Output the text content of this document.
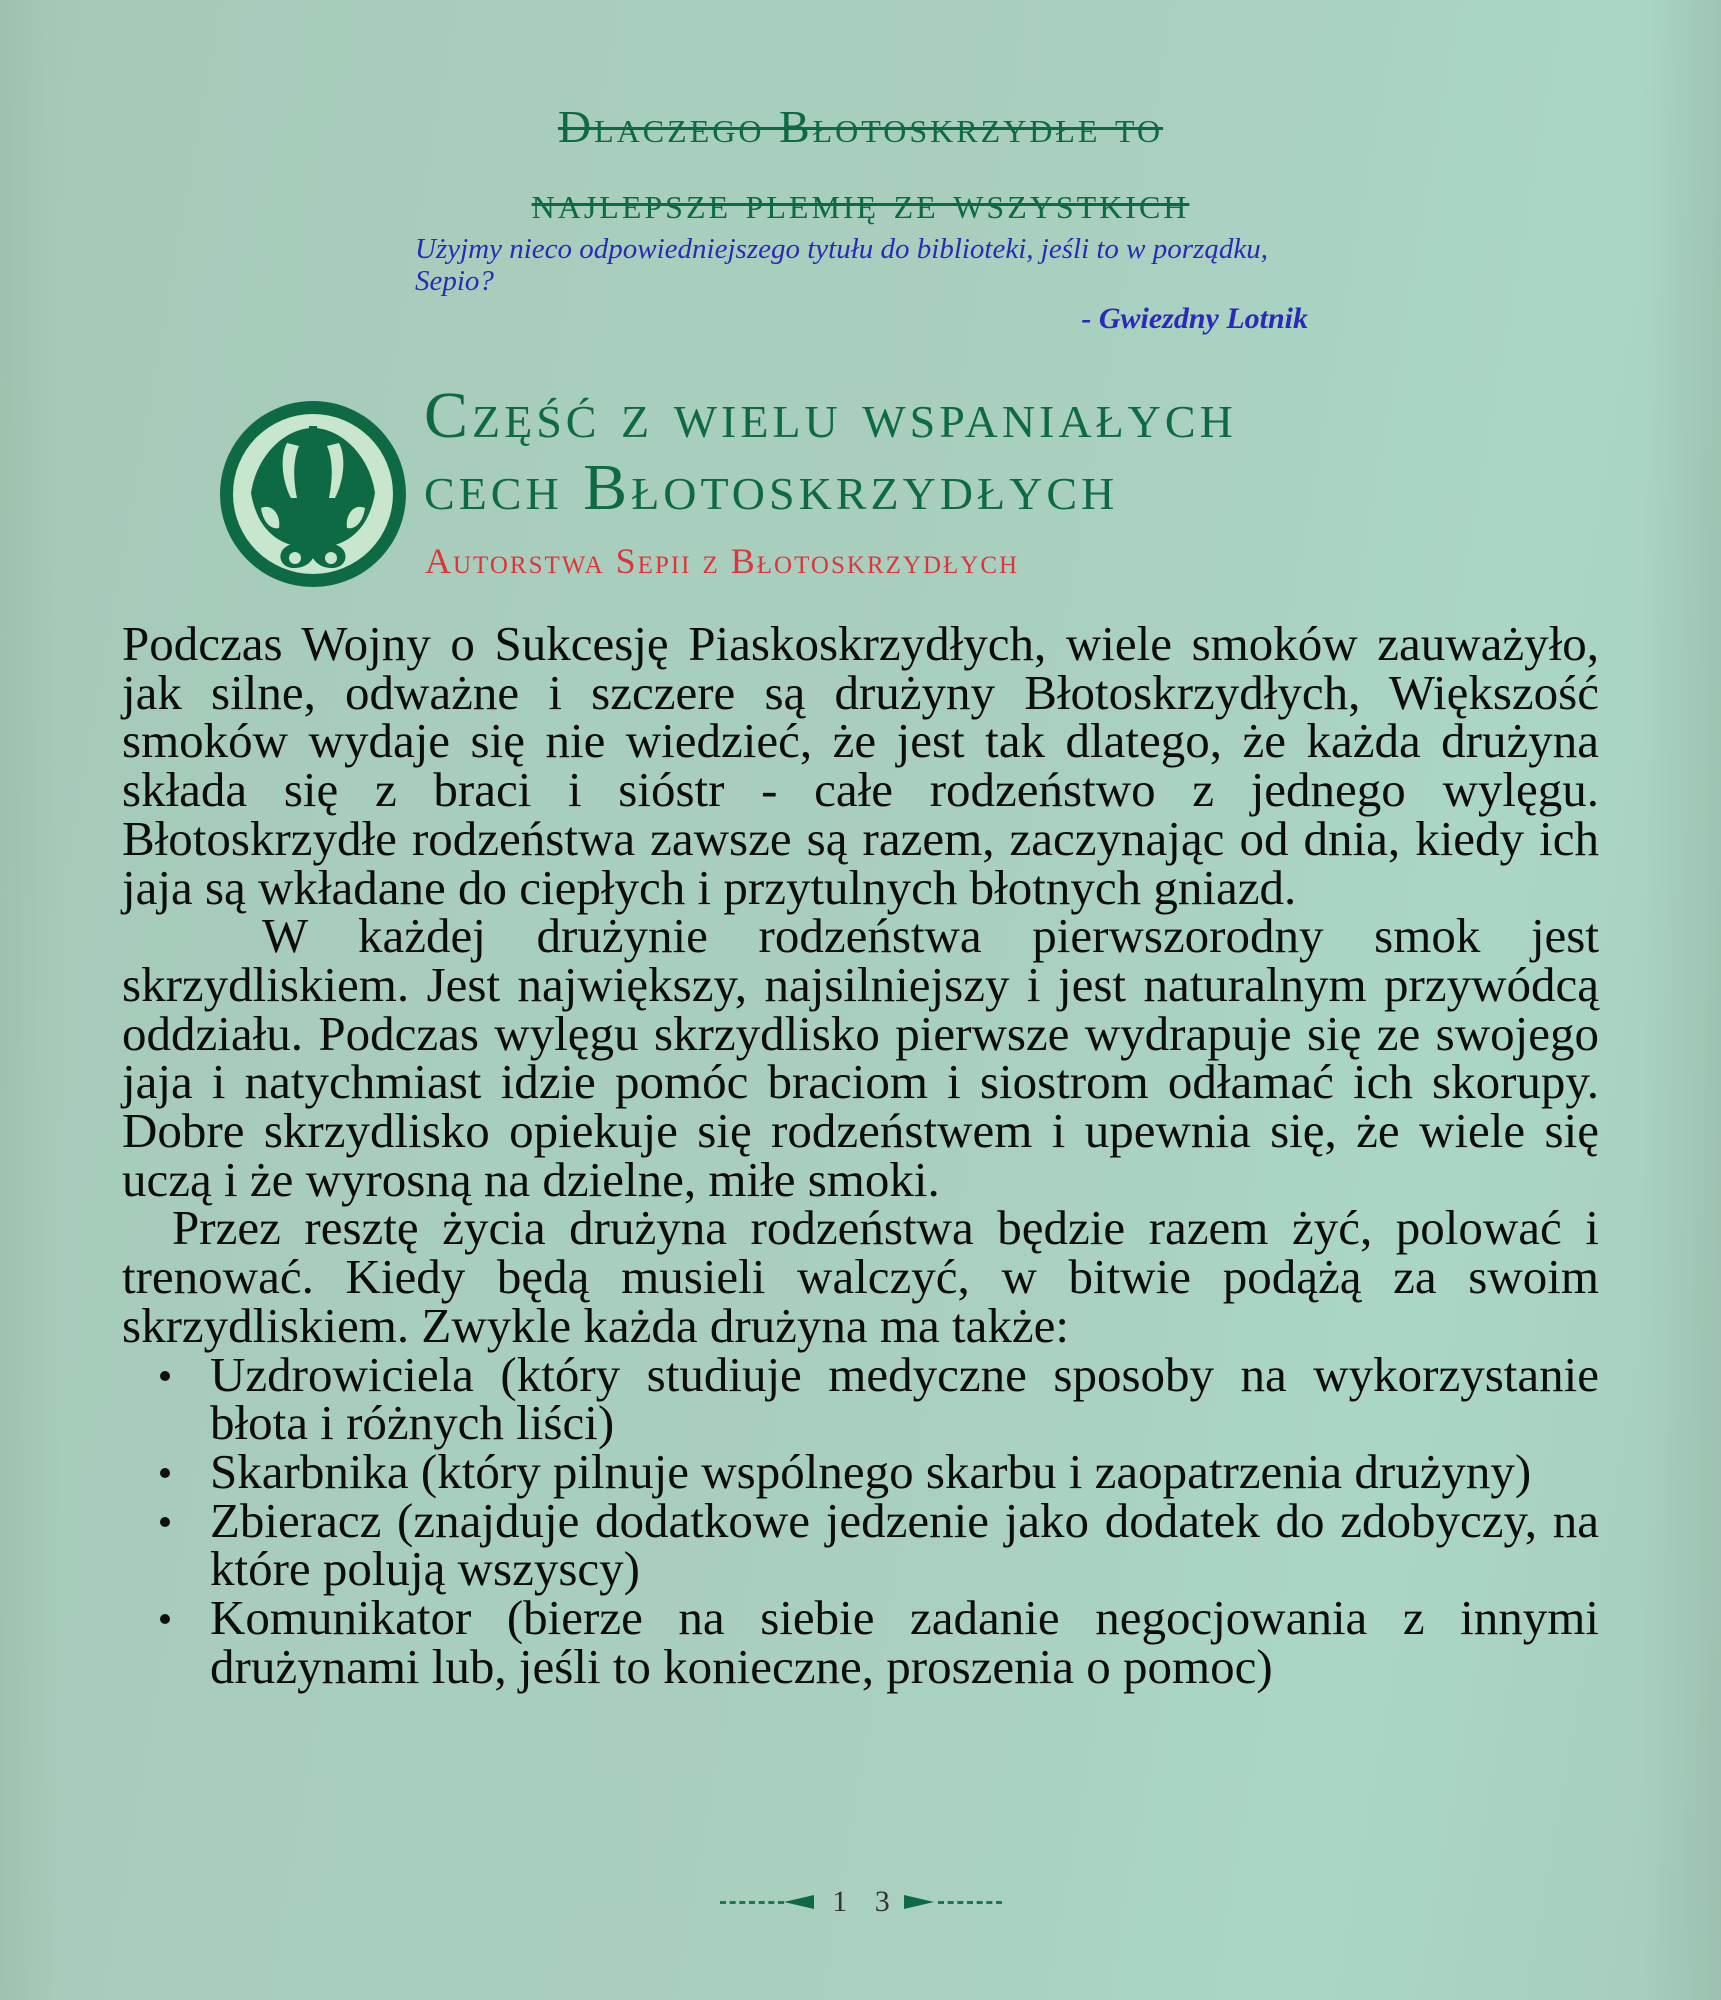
Dlaczego Błotoskrzydłe to
najlepsze plemię ze wszystkich
Użyjmy nieco odpowiedniejszego tytułu do biblioteki, jeśli to w porządku, Sepio?
- Gwiezdny Lotnik
Część z wielu wspaniałych
cech Błotoskrzydłych
Autorstwa Sepii z Błotoskrzydłych

Podczas Wojny o Sukcesję Piaskoskrzydłych, wiele smoków zauważyło, jak silne, odważne i szczere są drużyny Błotoskrzydłych, Większość smoków wydaje się nie wiedzieć, że jest tak dlatego, że każda drużyna składa się z braci i sióstr - całe rodzeństwo z jednego wylęgu. Błotoskrzydłe rodzeństwa zawsze są razem, zaczynając od dnia, kiedy ich jaja są wkładane do ciepłych i przytulnych błotnych gniazd.

W każdej drużynie rodzeństwa pierwszorodny smok jest skrzydliskiem. Jest największy, najsilniejszy i jest naturalnym przywódcą oddziału. Podczas wylęgu skrzydlisko pierwsze wydrapuje się ze swojego jaja i natychmiast idzie pomóc braciom i siostrom odłamać ich skorupy. Dobre skrzydlisko opiekuje się rodzeństwem i upewnia się, że wiele się uczą i że wyrosną na dzielne, miłe smoki.

Przez resztę życia drużyna rodzeństwa będzie razem żyć, polować i trenować. Kiedy będą musieli walczyć, w bitwie podążą za swoim skrzydliskiem. Zwykle każda drużyna ma także:

Uzdrowiciela (który studiuje medyczne sposoby na wykorzystanie błota i różnych liści)
Skarbnika (który pilnuje wspólnego skarbu i zaopatrzenia drużyny)
Zbieracz (znajduje dodatkowe jedzenie jako dodatek do zdobyczy, na które polują wszyscy)
Komunikator (bierze na siebie zadanie negocjowania z innymi drużynami lub, jeśli to konieczne, proszenia o pomoc)
1 3
